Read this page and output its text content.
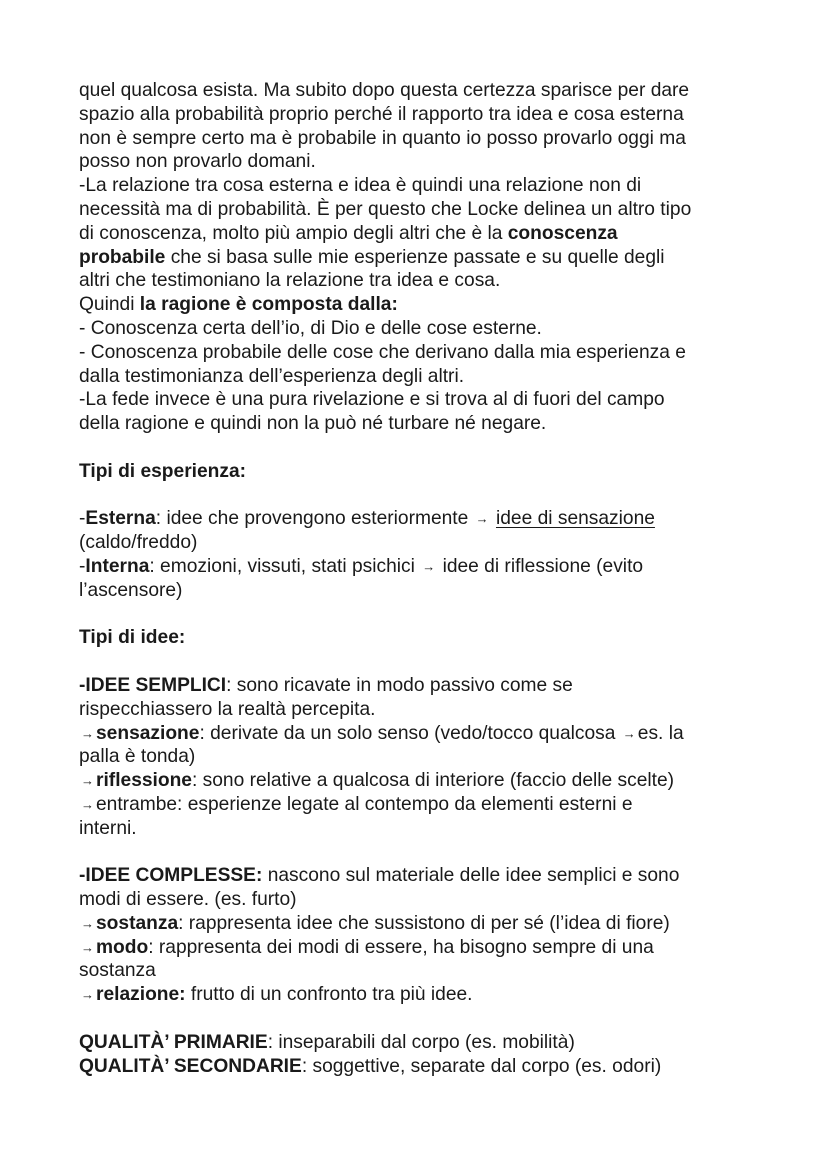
quel qualcosa esista. Ma subito dopo questa certezza sparisce per dare
spazio alla probabilità proprio perché il rapporto tra idea e cosa esterna
non è sempre certo ma è probabile in quanto io posso provarlo oggi ma
posso non provarlo domani.
-La relazione tra cosa esterna e idea è quindi una relazione non di
necessità ma di probabilità. È per questo che Locke delinea un altro tipo
di conoscenza, molto più ampio degli altri che è la conoscenza
probabile che si basa sulle mie esperienze passate e su quelle degli
altri che testimoniano la relazione tra idea e cosa.
Quindi la ragione è composta dalla:
- Conoscenza certa dell’io, di Dio e delle cose esterne.
- Conoscenza probabile delle cose che derivano dalla mia esperienza e
dalla testimonianza dell’esperienza degli altri.
-La fede invece è una pura rivelazione e si trova al di fuori del campo
della ragione e quindi non la può né turbare né negare.
Tipi di esperienza:
-Esterna: idee che provengono esteriormente → idee di sensazione
(caldo/freddo)
-Interna: emozioni, vissuti, stati psichici → idee di riflessione (evito
l’ascensore)
Tipi di idee:
-IDEE SEMPLICI: sono ricavate in modo passivo come se
rispecchiassero la realtà percepita.
→ sensazione: derivate da un solo senso (vedo/tocco qualcosa → es. la
palla è tonda)
→ riflessione: sono relative a qualcosa di interiore (faccio delle scelte)
→ entrambe: esperienze legate al contempo da elementi esterni e
interni.
-IDEE COMPLESSE: nascono sul materiale delle idee semplici e sono
modi di essere. (es. furto)
→ sostanza: rappresenta idee che sussistono di per sé (l’idea di fiore)
→ modo: rappresenta dei modi di essere, ha bisogno sempre di una
sostanza
→ relazione: frutto di un confronto tra più idee.
QUALITÀ’ PRIMARIE: inseparabili dal corpo (es. mobilità)
QUALITÀ’ SECONDARIE: soggettive, separate dal corpo (es. odori)
